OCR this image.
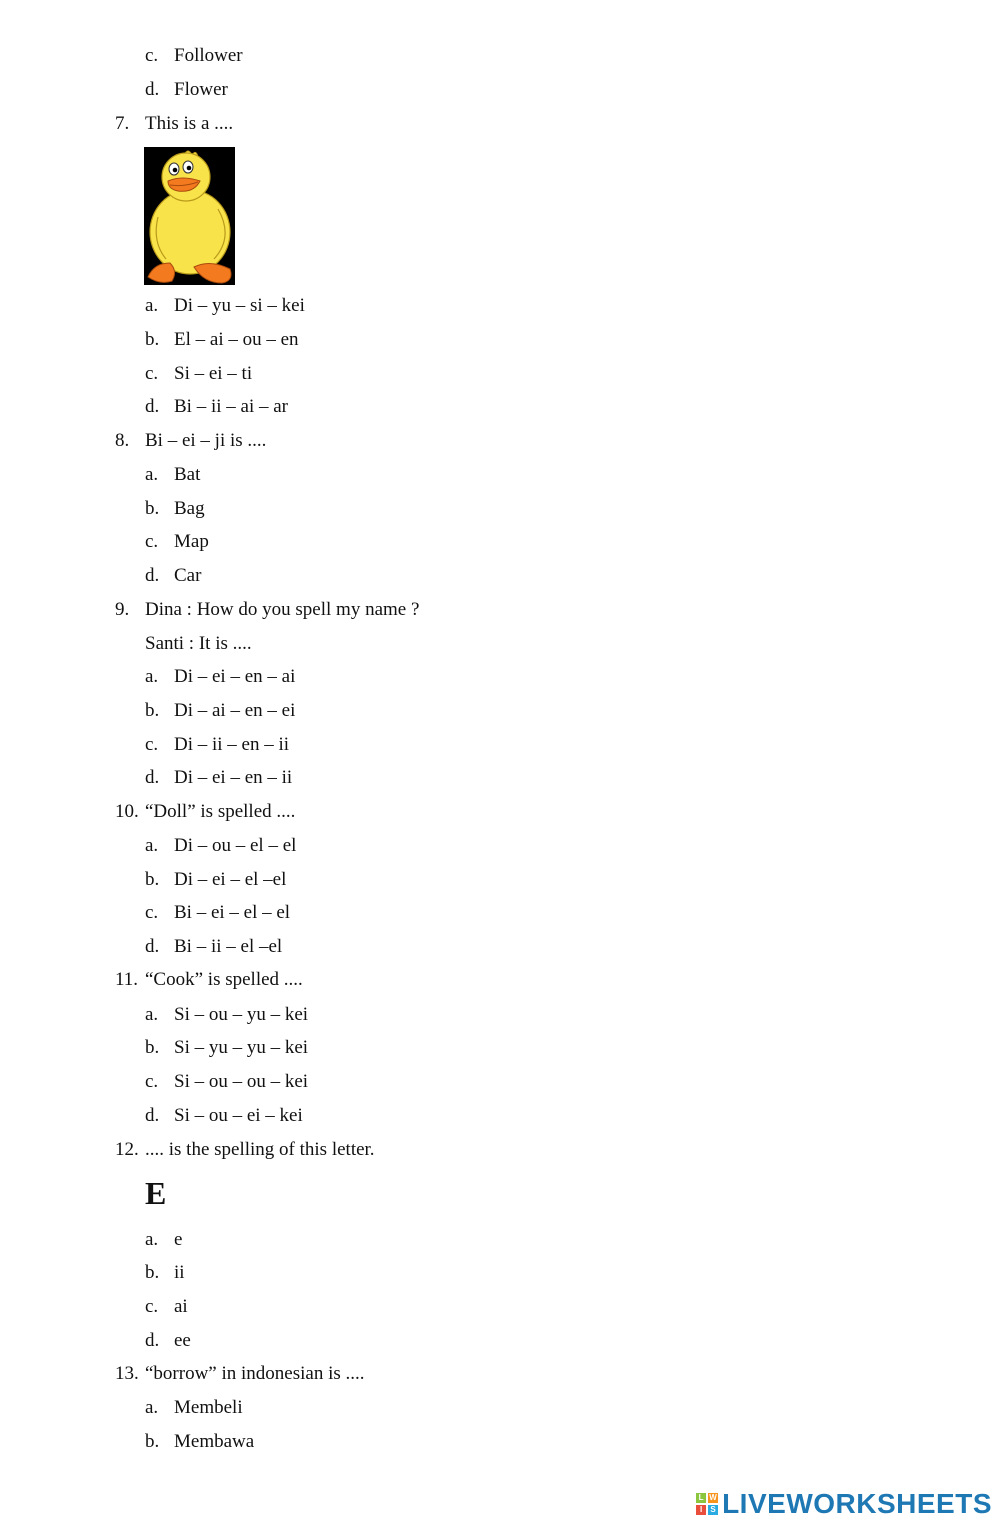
c. Follower
d. Flower
7. This is a ....
a. Di – yu – si – kei
b. El – ai – ou – en
c. Si – ei – ti
d. Bi – ii – ai – ar
8. Bi – ei – ji is ....
a. Bat
b. Bag
c. Map
d. Car
9. Dina : How do you spell my name ?
Santi : It is ....
a. Di – ei – en – ai
b. Di – ai – en – ei
c. Di – ii – en – ii
d. Di – ei – en – ii
10. “Doll” is spelled ....
a. Di – ou – el – el
b. Di – ei – el –el
c. Bi – ei – el – el
d. Bi – ii – el –el
11. “Cook” is spelled ....
a. Si – ou – yu – kei
b. Si – yu – yu – kei
c. Si – ou – ou – kei
d. Si – ou – ei – kei
12. .... is the spelling of this letter.
E
a. e
b. ii
c. ai
d. ee
13. “borrow” in indonesian is ....
a. Membeli
b. Membawa
L W
I	S LIVEWORKSHEETS
